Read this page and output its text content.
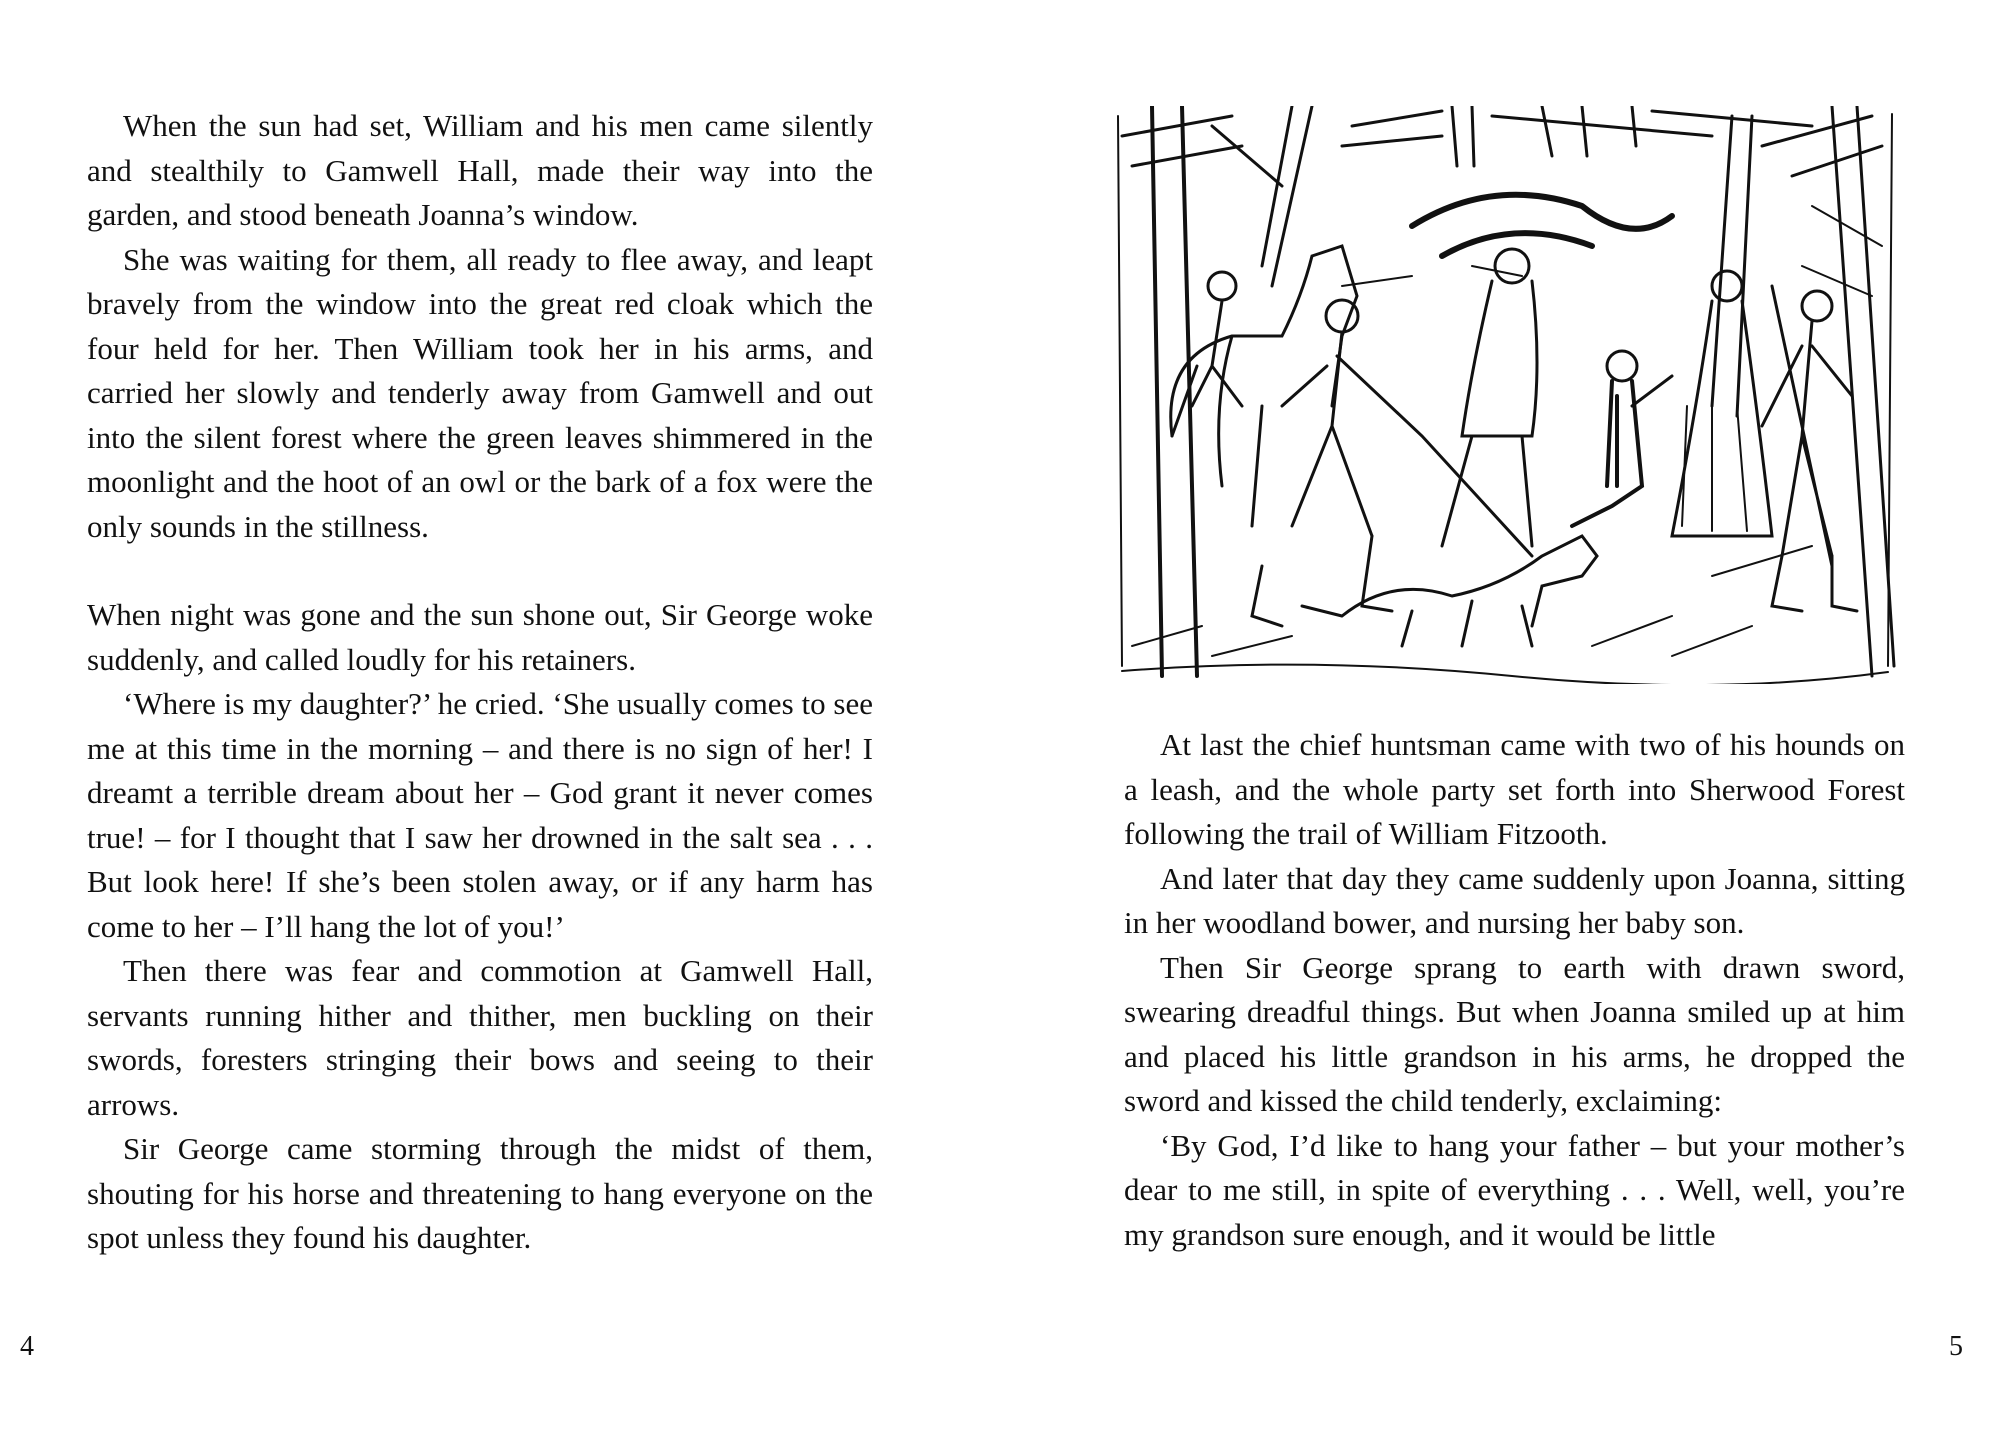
When the sun had set, William and his men came silently and stealthily to Gamwell Hall, made their way into the garden, and stood beneath Joanna’s window.

She was waiting for them, all ready to flee away, and leapt bravely from the window into the great red cloak which the four held for her. Then William took her in his arms, and carried her slowly and tenderly away from Gamwell and out into the silent forest where the green leaves shimmered in the moonlight and the hoot of an owl or the bark of a fox were the only sounds in the stillness.

When night was gone and the sun shone out, Sir George woke suddenly, and called loudly for his retainers.

‘Where is my daughter?’ he cried. ‘She usually comes to see me at this time in the morning – and there is no sign of her! I dreamt a terrible dream about her – God grant it never comes true! – for I thought that I saw her drowned in the salt sea . . . But look here! If she’s been stolen away, or if any harm has come to her – I’ll hang the lot of you!’

Then there was fear and commotion at Gamwell Hall, servants running hither and thither, men buckling on their swords, foresters stringing their bows and seeing to their arrows.

Sir George came storming through the midst of them, shouting for his horse and threatening to hang everyone on the spot unless they found his daughter.

4

At last the chief huntsman came with two of his hounds on a leash, and the whole party set forth into Sherwood Forest following the trail of William Fitzooth.

And later that day they came suddenly upon Joanna, sitting in her woodland bower, and nursing her baby son.

Then Sir George sprang to earth with drawn sword, swearing dreadful things. But when Joanna smiled up at him and placed his little grandson in his arms, he dropped the sword and kissed the child tenderly, exclaiming:

‘By God, I’d like to hang your father – but your mother’s dear to me still, in spite of everything . . . Well, well, you’re my grandson sure enough, and it would be little

5
